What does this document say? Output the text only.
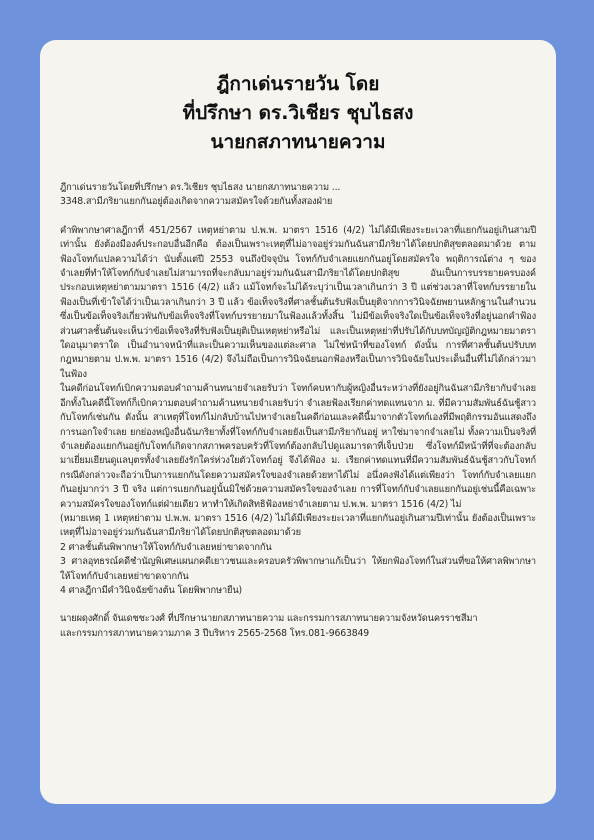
ฎีกาเด่นรายวัน โดย
ที่ปรึกษา ดร.วิเชียร ชุบไธสง
นายกสภาทนายความ

ฎีกาเด่นรายวันโดยที่ปรึกษา ดร.วิเชียร ชุบไธสง นายกสภาทนายความ ...

3348.สามีภริยาแยกกันอยู่ต้องเกิดจากความสมัครใจด้วยกันทั้งสองฝ่าย

คำพิพากษาศาลฎีกาที่ 451/2567 เหตุหย่าตาม ป.พ.พ. มาตรา 1516 (4/2) ไม่ได้มีเพียงระยะเวลาที่แยกกันอยู่เกินสามปีเท่านั้น ยังต้องมีองค์ประกอบอื่นอีกคือ ต้องเป็นเพราะเหตุที่ไม่อาจอยู่ร่วมกันฉันสามีภริยาได้โดยปกติสุขตลอดมาด้วย ตามฟ้องโจทก์แปลความได้ว่า นับตั้งแต่ปี 2553 จนถึงปัจจุบัน โจทก์กับจำเลยแยกกันอยู่โดยสมัครใจ พฤติการณ์ต่าง ๆ ของจำเลยที่ทำให้โจทก์กับจำเลยไม่สามารถที่จะกลับมาอยู่ร่วมกันฉันสามีภริยาได้โดยปกติสุข อันเป็นการบรรยายครบองค์ประกอบเหตุหย่าตามมาตรา 1516 (4/2) แล้ว แม้โจทก์จะไม่ได้ระบุว่าเป็นเวลาเกินกว่า 3 ปี แต่ช่วงเวลาที่โจทก์บรรยายในฟ้องเป็นที่เข้าใจได้ว่าเป็นเวลาเกินกว่า 3 ปี แล้ว ข้อเท็จจริงที่ศาลชั้นต้นรับฟังเป็นยุติจากการวินิจฉัยพยานหลักฐานในสำนวน ซึ่งเป็นข้อเท็จจริงเกี่ยวพันกับข้อเท็จจริงที่โจทก์บรรยายมาในฟ้องแล้วทั้งสิ้น ไม่มีข้อเท็จจริงใดเป็นข้อเท็จจริงที่อยู่นอกคำฟ้อง ส่วนศาลชั้นต้นจะเห็นว่าข้อเท็จจริงที่รับฟังเป็นยุติเป็นเหตุหย่าหรือไม่ และเป็นเหตุหย่าที่ปรับได้กับบทบัญญัติกฎหมายมาตราใดอนุมาตราใด เป็นอำนาจหน้าที่และเป็นความเห็นของแต่ละศาล ไม่ใช่หน้าที่ของโจทก์ ดังนั้น การที่ศาลชั้นต้นปรับบทกฎหมายตาม ป.พ.พ. มาตรา 1516 (4/2) จึงไม่ถือเป็นการวินิจฉัยนอกฟ้องหรือเป็นการวินิจฉัยในประเด็นอื่นที่ไม่ได้กล่าวมาในฟ้อง

ในคดีก่อนโจทก์เบิกความตอบคำถามค้านทนายจำเลยรับว่า โจทก์คบหากับผู้หญิงอื่นระหว่างที่ยังอยู่กินฉันสามีภริยากับจำเลย อีกทั้งในคดีนี้โจทก์ก็เบิกความตอบคำถามค้านทนายจำเลยรับว่า จำเลยฟ้องเรียกค่าทดแทนจาก ม. ที่มีความสัมพันธ์ฉันชู้สาวกับโจทก์เช่นกัน ดังนั้น สาเหตุที่โจทก์ไม่กลับบ้านไปหาจำเลยในคดีก่อนและคดีนี้มาจากตัวโจทก์เองที่มีพฤติกรรมอันแสดงถึงการนอกใจจำเลย ยกย่องหญิงอื่นฉันภริยาทั้งที่โจทก์กับจำเลยยังเป็นสามีภริยากันอยู่ หาใช่มาจากจำเลยไม่ ทั้งความเป็นจริงที่จำเลยต้องแยกกันอยู่กับโจทก์เกิดจากสภาพครอบครัวที่โจทก์ต้องกลับไปดูแลมารดาที่เจ็บป่วย ซึ่งโจทก์มีหน้าที่ที่จะต้องกลับมาเยี่ยมเยียนดูแลบุตรทั้งจำเลยยังรักใคร่ห่วงใยตัวโจทก์อยู่ จึงได้ฟ้อง ม. เรียกค่าทดแทนที่มีความสัมพันธ์ฉันชู้สาวกับโจทก์ กรณีดังกล่าวจะถือว่าเป็นการแยกกันโดยความสมัครใจของจำเลยด้วยหาได้ไม่ อนึ่งคงฟังได้แต่เพียงว่า โจทก์กับจำเลยแยกกันอยู่มากว่า 3 ปี จริง แต่การแยกกันอยู่นั้นมิใช่ด้วยความสมัครใจของจำเลย การที่โจทก์กับจำเลยแยกกันอยู่เช่นนี้คือเฉพาะความสมัครใจของโจทก์แต่ฝ่ายเดียว หาทำให้เกิดสิทธิฟ้องหย่าจำเลยตาม ป.พ.พ. มาตรา 1516 (4/2) ไม่

(หมายเหตุ 1 เหตุหย่าตาม ป.พ.พ. มาตรา 1516 (4/2) ไม่ได้มีเพียงระยะเวลาที่แยกกันอยู่เกินสามปีเท่านั้น ยังต้องเป็นเพราะเหตุที่ไม่อาจอยู่ร่วมกันฉันสามีภริยาได้โดยปกติสุขตลอดมาด้วย

2 ศาลชั้นต้นพิพากษาให้โจทก์กับจำเลยหย่าขาดจากกัน

3 ศาลอุทธรณ์คดีชำนัญพิเศษแผนกคดีเยาวชนและครอบครัวพิพากษาแก้เป็นว่า ให้ยกฟ้องโจทก์ในส่วนที่ขอให้ศาลพิพากษาให้โจทก์กับจำเลยหย่าขาดจากกัน

4 ศาลฎีกามีคำวินิจฉัยข้างต้น โดยพิพากษายืน)

นายผดุงศักดิ์ จันเดชชะวงศ์ ที่ปรึกษานายกสภาทนายความ และกรรมการสภาทนายความจังหวัดนครราชสีมา

และกรรมการสภาทนายความภาค 3 ปีบริหาร 2565-2568 โทร.081-9663849
